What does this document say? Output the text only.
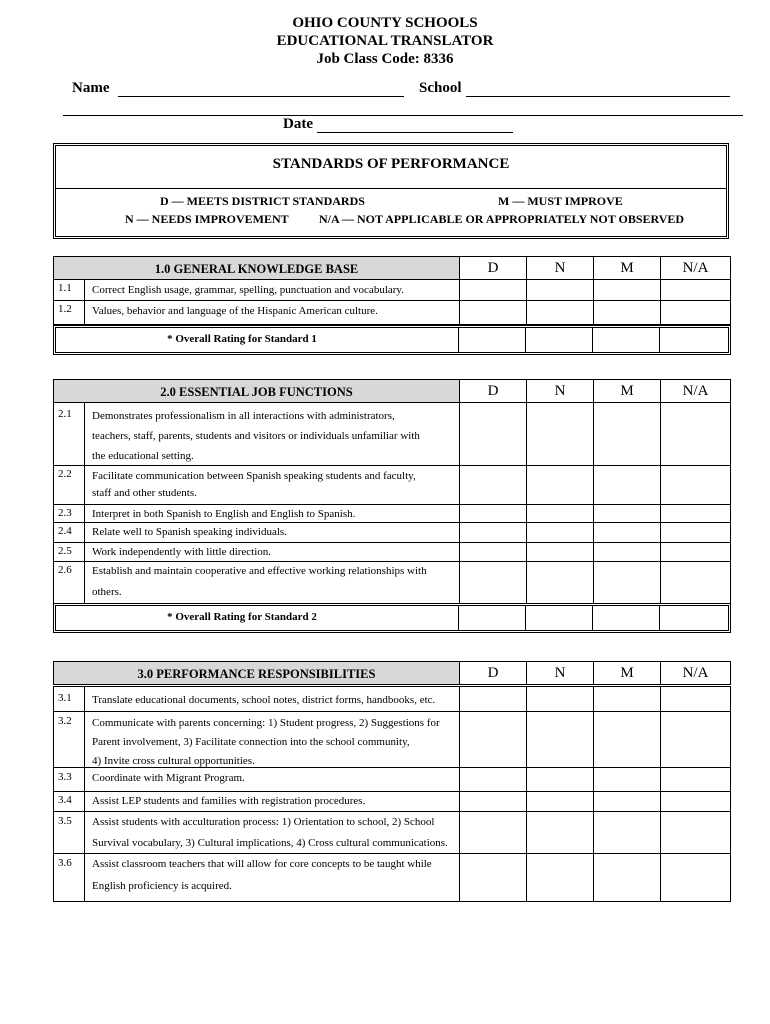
OHIO COUNTY SCHOOLS
EDUCATIONAL TRANSLATOR
Job Class Code: 8336
Name	School
Date
STANDARDS OF PERFORMANCE
D — MEETS DISTRICT STANDARDS	M — MUST IMPROVE
N — NEEDS IMPROVEMENT	N/A — NOT APPLICABLE OR APPROPRIATELY NOT OBSERVED
1.0 GENERAL KNOWLEDGE BASE	D	N	M	N/A
1.1 Correct English usage, grammar, spelling, punctuation and vocabulary.
1.2 Values, behavior and language of the Hispanic American culture.
* Overall Rating for Standard 1
2.0 ESSENTIAL JOB FUNCTIONS	D	N	M	N/A
2.1 Demonstrates professionalism in all interactions with administrators,
teachers, staff, parents, students and visitors or individuals unfamiliar with
the educational setting.
2.2 Facilitate communication between Spanish speaking students and faculty,
staff and other students.
2.3 Interpret in both Spanish to English and English to Spanish.
2.4 Relate well to Spanish speaking individuals.
2.5 Work independently with little direction.
2.6 Establish and maintain cooperative and effective working relationships with
others.
* Overall Rating for Standard 2
3.0 PERFORMANCE RESPONSIBILITIES	D	N	M	N/A
3.1 Translate educational documents, school notes, district forms, handbooks, etc.
3.2 Communicate with parents concerning: 1) Student progress, 2) Suggestions for
Parent involvement, 3) Facilitate connection into the school community,
4) Invite cross cultural opportunities.
3.3 Coordinate with Migrant Program.
3.4 Assist LEP students and families with registration procedures.
3.5 Assist students with acculturation process: 1) Orientation to school, 2) School
Survival vocabulary, 3) Cultural implications, 4) Cross cultural communications.
3.6 Assist classroom teachers that will allow for core concepts to be taught while
English proficiency is acquired.
